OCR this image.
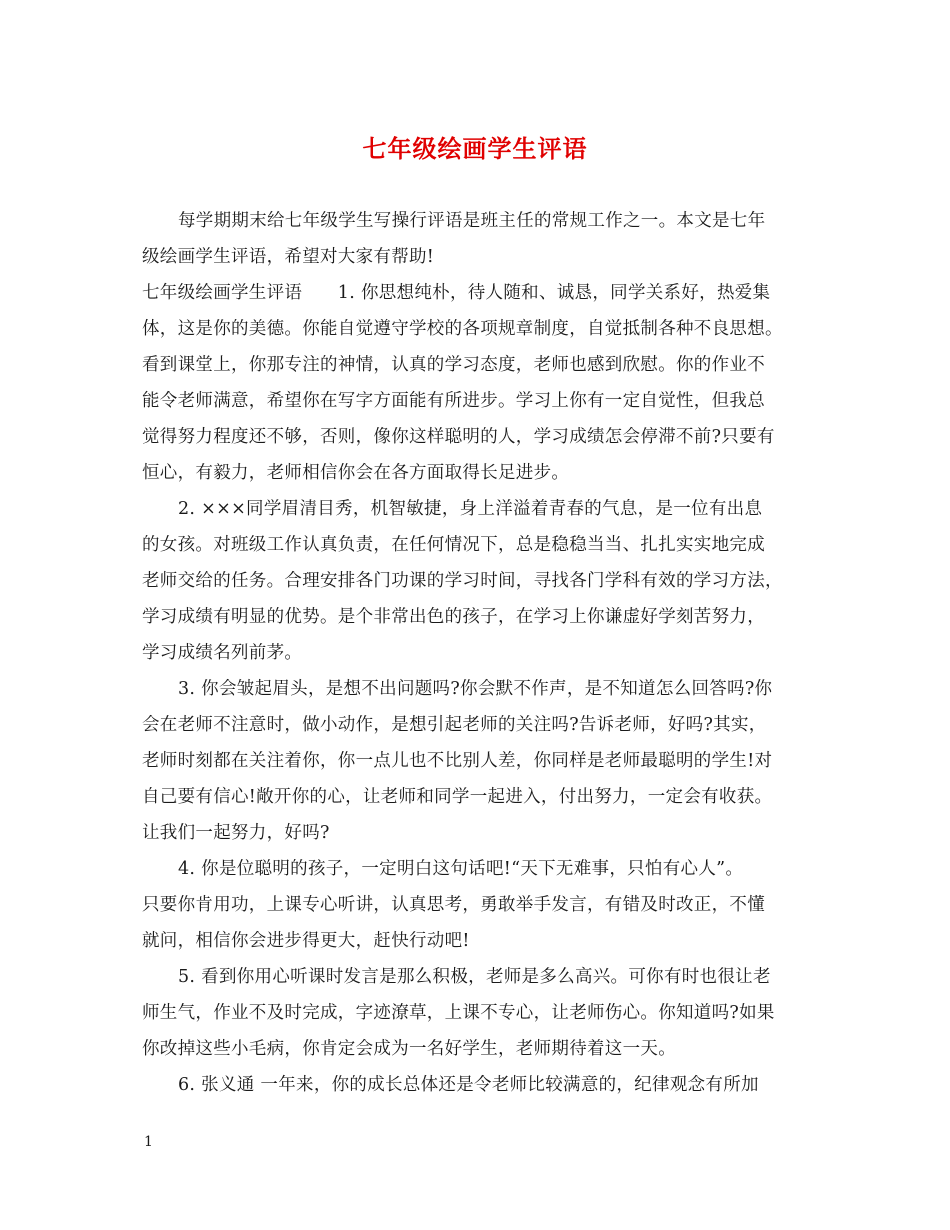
七年级绘画学生评语
每学期期末给七年级学生写操行评语是班主任的常规工作之一。本文是七年
级绘画学生评语，希望对大家有帮助!
七年级绘画学生评语　　1. 你思想纯朴，待人随和、诚恳，同学关系好，热爱集
体，这是你的美德。你能自觉遵守学校的各项规章制度，自觉抵制各种不良思想。
看到课堂上，你那专注的神情，认真的学习态度，老师也感到欣慰。你的作业不
能令老师满意，希望你在写字方面能有所进步。学习上你有一定自觉性，但我总
觉得努力程度还不够，否则，像你这样聪明的人，学习成绩怎会停滞不前?只要有
恒心，有毅力，老师相信你会在各方面取得长足进步。
2. ×××同学眉清目秀，机智敏捷，身上洋溢着青春的气息，是一位有出息
的女孩。对班级工作认真负责，在任何情况下，总是稳稳当当、扎扎实实地完成
老师交给的任务。合理安排各门功课的学习时间，寻找各门学科有效的学习方法，
学习成绩有明显的优势。是个非常出色的孩子，在学习上你谦虚好学刻苦努力，
学习成绩名列前茅。
3. 你会皱起眉头，是想不出问题吗?你会默不作声，是不知道怎么回答吗?你
会在老师不注意时，做小动作，是想引起老师的关注吗?告诉老师，好吗?其实，
老师时刻都在关注着你，你一点儿也不比别人差，你同样是老师最聪明的学生!对
自己要有信心!敞开你的心，让老师和同学一起进入，付出努力，一定会有收获。
让我们一起努力，好吗?
4. 你是位聪明的孩子，一定明白这句话吧!“天下无难事，只怕有心人”。
只要你肯用功，上课专心听讲，认真思考，勇敢举手发言，有错及时改正，不懂
就问，相信你会进步得更大，赶快行动吧!
5. 看到你用心听课时发言是那么积极，老师是多么高兴。可你有时也很让老
师生气，作业不及时完成，字迹潦草，上课不专心，让老师伤心。你知道吗?如果
你改掉这些小毛病，你肯定会成为一名好学生，老师期待着这一天。
6. 张义通 一年来，你的成长总体还是令老师比较满意的，纪律观念有所加
1
